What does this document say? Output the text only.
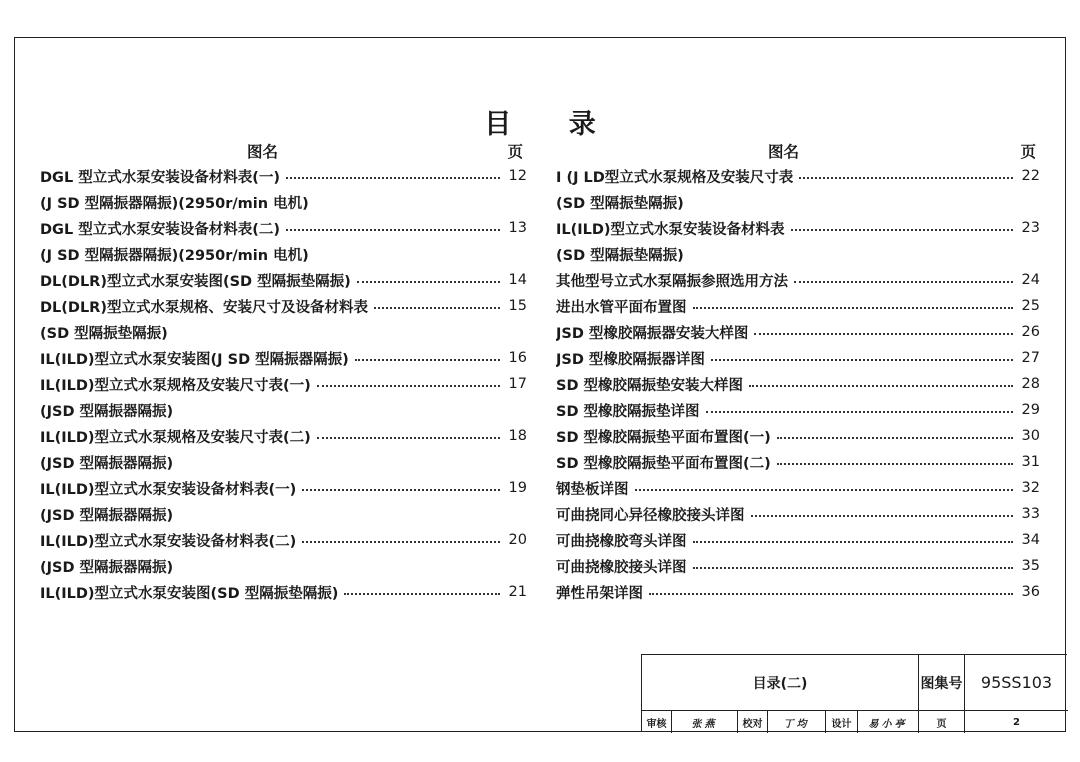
目 录
图名	页
DGL 型立式水泵安装设备材料表(一)	12
(J SD 型隔振器隔振)(2950r/min 电机)
DGL 型立式水泵安装设备材料表(二)	13
(J SD 型隔振器隔振)(2950r/min 电机)
DL(DLR)型立式水泵安装图(SD 型隔振垫隔振)	14
DL(DLR)型立式水泵规格、安装尺寸及设备材料表	15
(SD 型隔振垫隔振)
IL(ILD)型立式水泵安装图(J SD 型隔振器隔振)	16
IL(ILD)型立式水泵规格及安装尺寸表(一)	17
(JSD 型隔振器隔振)
IL(ILD)型立式水泵规格及安装尺寸表(二)	18
(JSD 型隔振器隔振)
IL(ILD)型立式水泵安装设备材料表(一)	19
(JSD 型隔振器隔振)
IL(ILD)型立式水泵安装设备材料表(二)	20
(JSD 型隔振器隔振)
IL(ILD)型立式水泵安装图(SD 型隔振垫隔振)	21
图名	页
I (J LD型立式水泵规格及安装尺寸表	22
(SD 型隔振垫隔振)
IL(ILD)型立式水泵安装设备材料表	23
(SD 型隔振垫隔振)
其他型号立式水泵隔振参照选用方法	24
进出水管平面布置图	25
JSD 型橡胶隔振器安装大样图	26
JSD 型橡胶隔振器详图	27
SD 型橡胶隔振垫安装大样图	28
SD 型橡胶隔振垫详图	29
SD 型橡胶隔振垫平面布置图(一)	30
SD 型橡胶隔振垫平面布置图(二)	31
钢垫板详图	32
可曲挠同心异径橡胶接头详图	33
可曲挠橡胶弯头详图	34
可曲挠橡胶接头详图	35
弹性吊架详图	36
目录(二)	图集号	95SS103
审核	张燕	校对	丁均	设计	易小亭	页	2
